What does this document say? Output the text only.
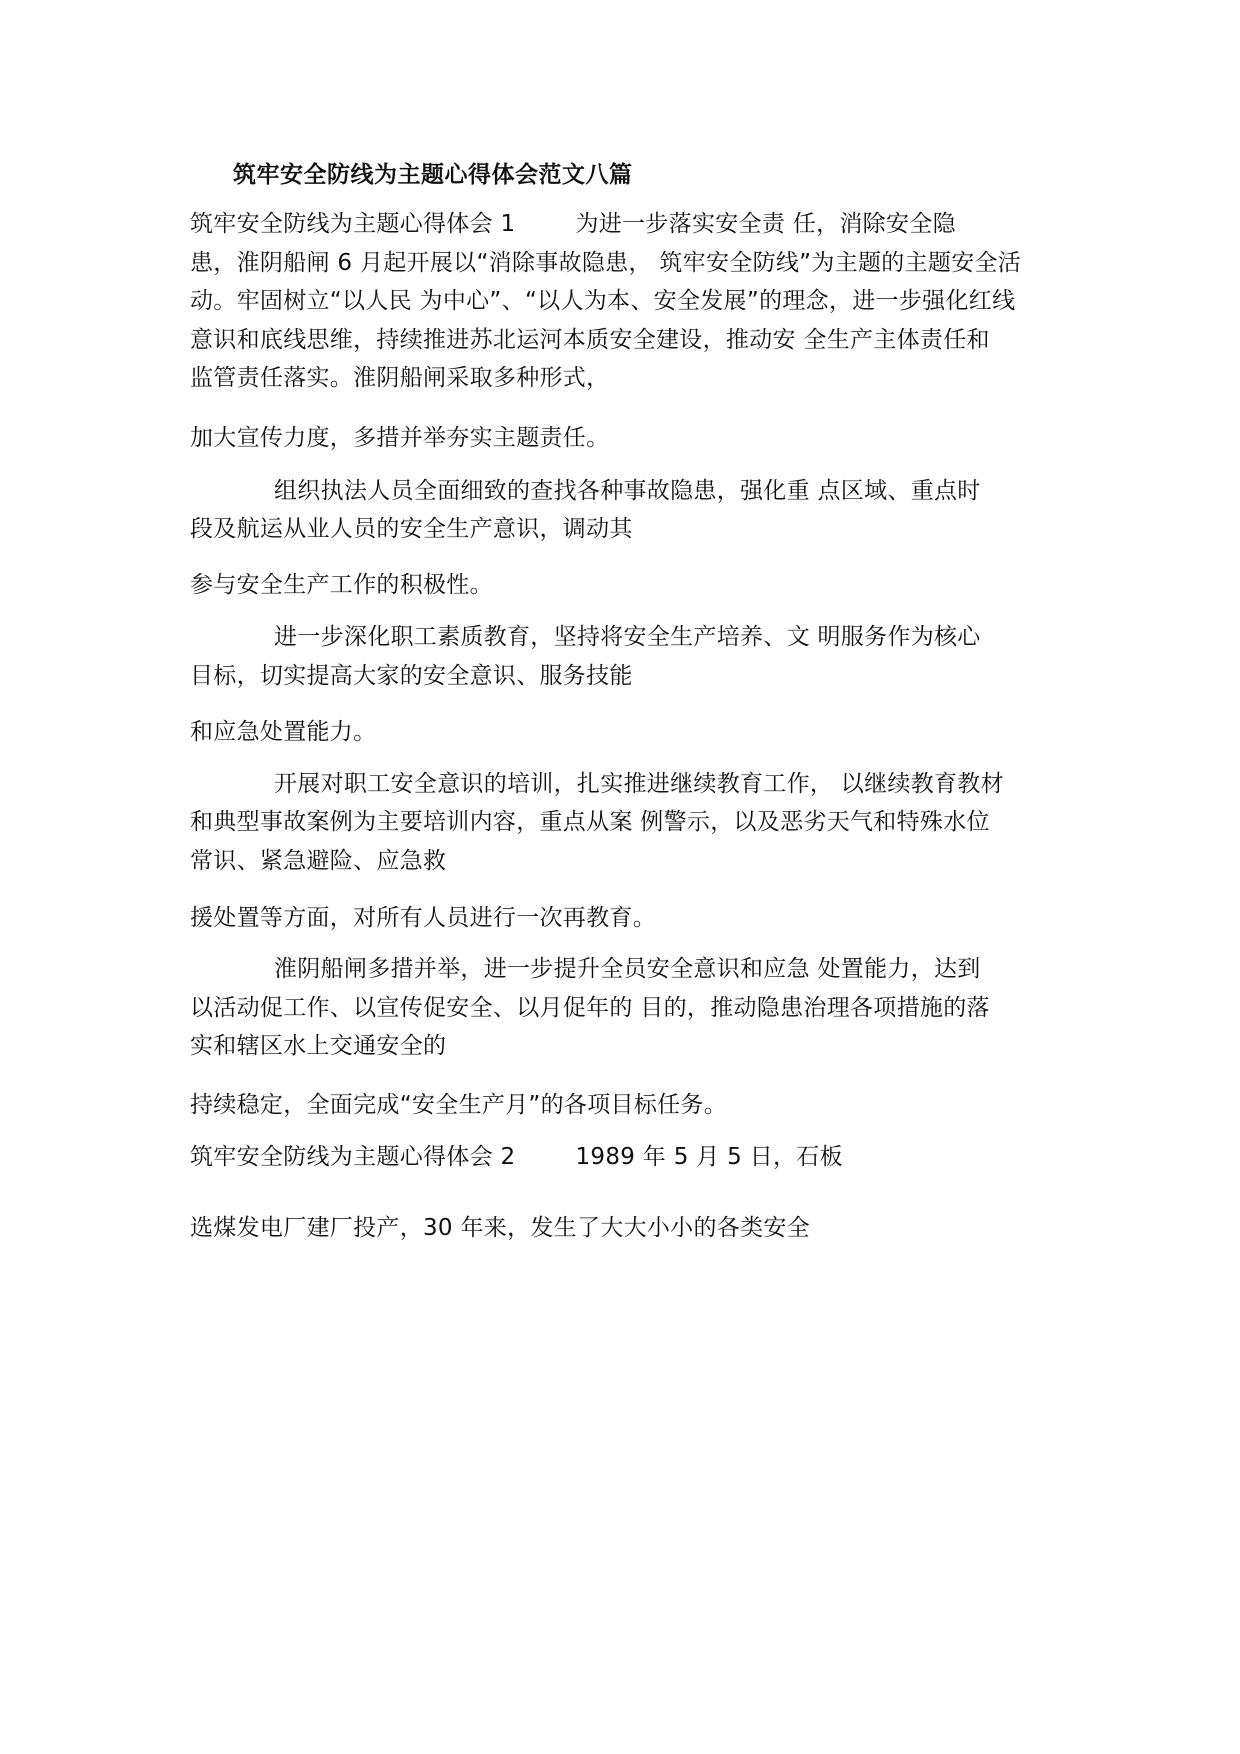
筑牢安全防线为主题心得体会范文八篇
筑牢安全防线为主题心得体会 1	为进一步落实安全责 任，消除安全隐
患，淮阴船闸 6 月起开展以“消除事故隐患， 筑牢安全防线”为主题的主题安全活
动。牢固树立“以人民 为中心”、“以人为本、安全发展”的理念，进一步强化红线
意识和底线思维，持续推进苏北运河本质安全建设，推动安 全生产主体责任和
监管责任落实。淮阴船闸采取多种形式，
加大宣传力度，多措并举夯实主题责任。
组织执法人员全面细致的查找各种事故隐患，强化重 点区域、重点时
段及航运从业人员的安全生产意识，调动其
参与安全生产工作的积极性。
进一步深化职工素质教育，坚持将安全生产培养、文 明服务作为核心
目标，切实提高大家的安全意识、服务技能
和应急处置能力。
开展对职工安全意识的培训，扎实推进继续教育工作， 以继续教育教材
和典型事故案例为主要培训内容，重点从案 例警示，以及恶劣天气和特殊水位
常识、紧急避险、应急救
援处置等方面，对所有人员进行一次再教育。
淮阴船闸多措并举，进一步提升全员安全意识和应急 处置能力，达到
以活动促工作、以宣传促安全、以月促年的 目的，推动隐患治理各项措施的落
实和辖区水上交通安全的
持续稳定，全面完成“安全生产月”的各项目标任务。
筑牢安全防线为主题心得体会 2	1989 年 5 月 5 日，石板
选煤发电厂建厂投产，30 年来，发生了大大小小的各类安全
